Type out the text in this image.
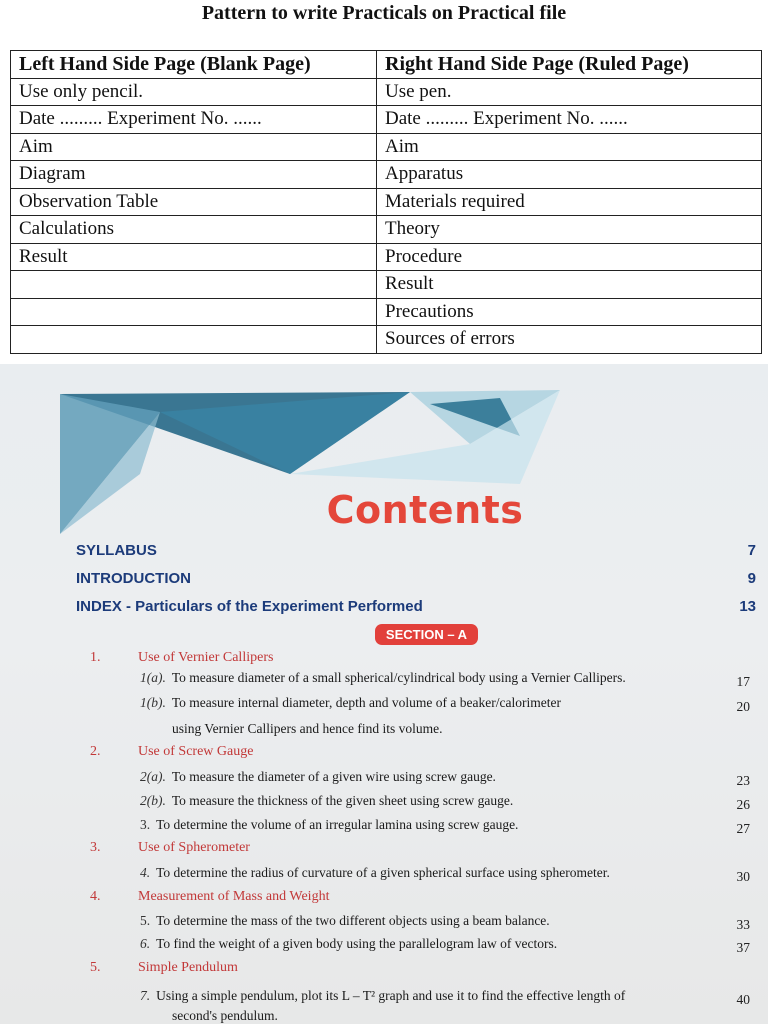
Pattern to write Practicals on Practical file
Left Hand Side Page (Blank Page)	Right Hand Side Page (Ruled Page)
Use only pencil.	Use pen.
Date ......... Experiment No. ......	Date ......... Experiment No. ......
Aim	Aim
Diagram	Apparatus
Observation Table	Materials required
Calculations	Theory
Result	Procedure
	Result
	Precautions
	Sources of errors
Contents
SYLLABUS	7
INTRODUCTION	9
INDEX - Particulars of the Experiment Performed	13
SECTION – A
1.	Use of Vernier Callipers
1(a). To measure diameter of a small spherical/cylindrical body using a Vernier Callipers.	17
1(b). To measure internal diameter, depth and volume of a beaker/calorimeter	20
using Vernier Callipers and hence find its volume.
2.	Use of Screw Gauge
2(a). To measure the diameter of a given wire using screw gauge.	23
2(b). To measure the thickness of the given sheet using screw gauge.	26
3. To determine the volume of an irregular lamina using screw gauge.	27
3.	Use of Spherometer
4. To determine the radius of curvature of a given spherical surface using spherometer.	30
4.	Measurement of Mass and Weight
5. To determine the mass of the two different objects using a beam balance.	33
6. To find the weight of a given body using the parallelogram law of vectors.	37
5.	Simple Pendulum
7. Using a simple pendulum, plot its L – T² graph and use it to find the effective length of	40
second's pendulum.
